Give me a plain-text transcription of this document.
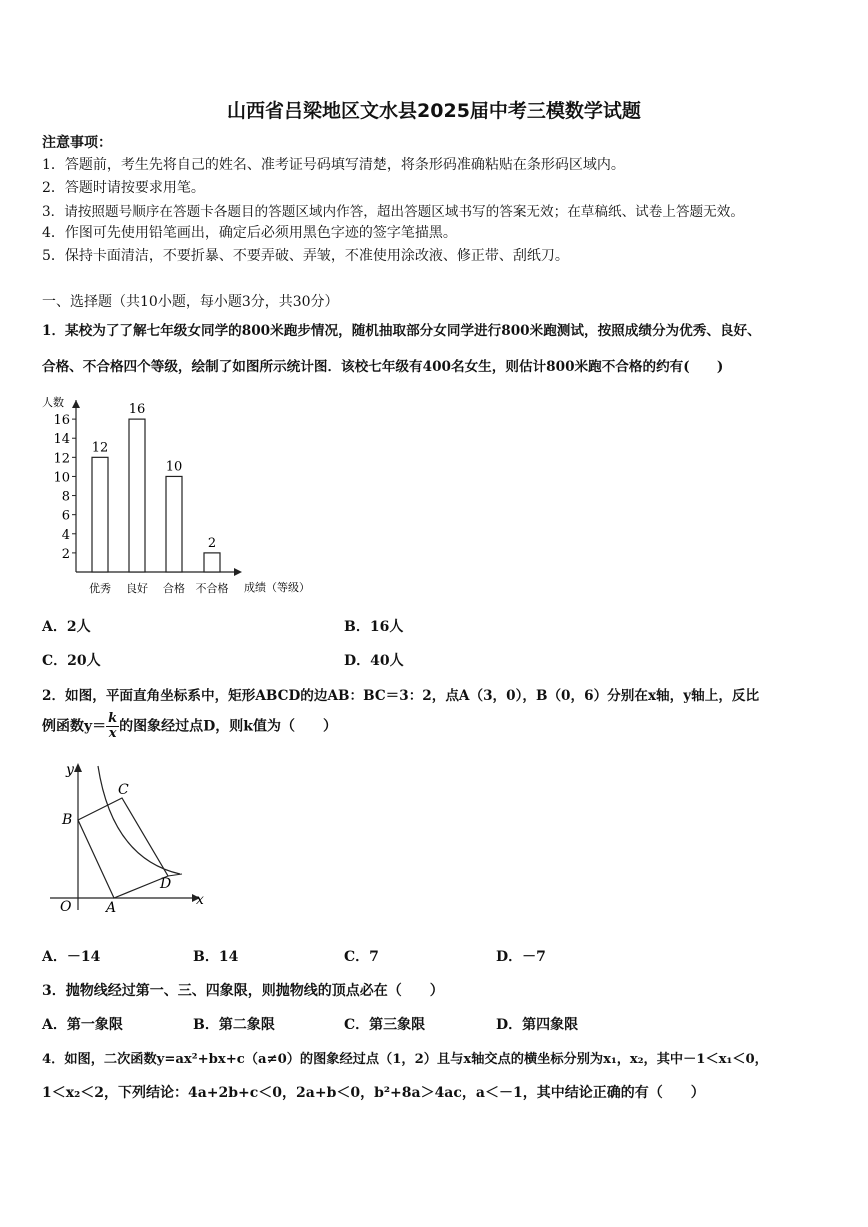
山西省吕梁地区文水县2025届中考三模数学试题
注意事项：
1．答题前，考生先将自己的姓名、准考证号码填写清楚，将条形码准确粘贴在条形码区域内。
2．答题时请按要求用笔。
3．请按照题号顺序在答题卡各题目的答题区域内作答，超出答题区域书写的答案无效；在草稿纸、试卷上答题无效。
4．作图可先使用铅笔画出，确定后必须用黑色字迹的签字笔描黑。
5．保持卡面清洁，不要折暴、不要弄破、弄皱，不准使用涂改液、修正带、刮纸刀。
一、选择题（共10小题，每小题3分，共30分）
1．某校为了了解七年级女同学的800米跑步情况，随机抽取部分女同学进行800米跑测试，按照成绩分为优秀、良好、
合格、不合格四个等级，绘制了如图所示统计图．该校七年级有400名女生，则估计800米跑不合格的约有(　　)
人数
2
4
6
8
10
12
14
16
12
优秀
16
良好
10
合格
2
不合格 成绩（等级）
A．2人	B．16人
C．20人	D．40人
2．如图，平面直角坐标系中，矩形ABCD的边AB：BC＝3：2，点A（3，0），B（0，6）分别在x轴，y轴上，反比
例函数$y= \frac{k}{x}$ 的图象经过点D，则k值为（　　）
y
x
O A
B
C
D
A．－14	B．14	C．7	D．－7
3．抛物线经过第一、三、四象限，则抛物线的顶点必在（　　）
A．第一象限	B．第二象限	C．第三象限	D．第四象限
4．如图，二次函数y=ax²+bx+c（a≠0）的图象经过点（1，2）且与x轴交点的横坐标分别为x₁，x₂，其中－1＜x₁＜0，
1＜x₂＜2，下列结论：4a+2b+c＜0，2a+b＜0，b²+8a＞4ac，a＜－1，其中结论正确的有（　　）
